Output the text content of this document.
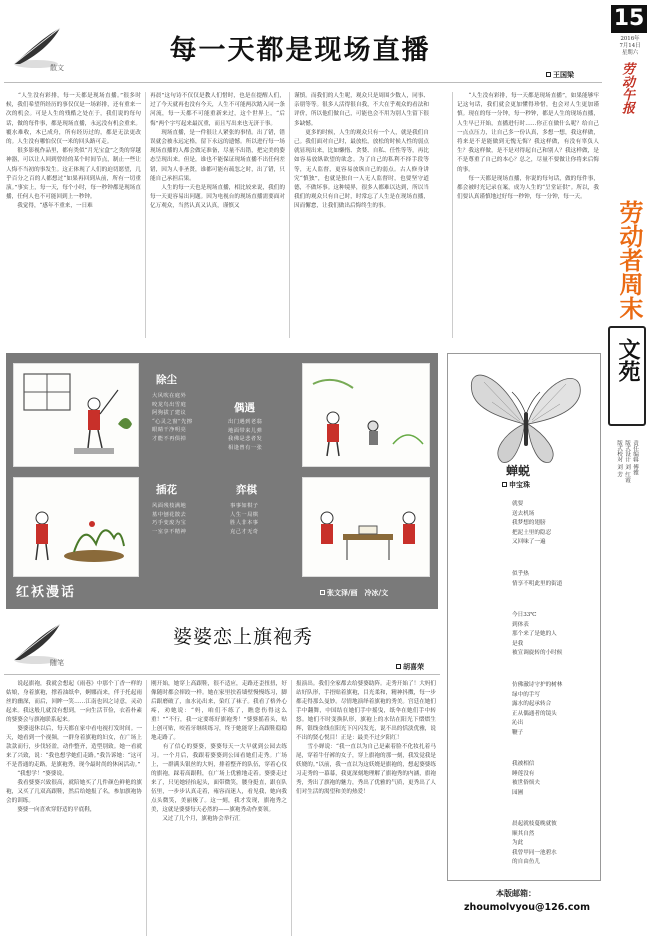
15
2016年
7月14日
星期六
劳动午报
劳动者周末
文苑
责任编辑 傅雅
版式设计 刘 红霞
版式校对 刘 芳
散文
每一天都是现场直播
王国梁
　　“人生没有彩排，每一天都是现场直播。”很多时候，我们希望所经历的事仅仅是一场彩排，还有重来一次的机会。可是人生的残酷之处在于，我们说的每句话，做的每件事，都是现场直播，永远没有机会重来。覆水难收，木已成舟，所有经历过的，都是无法更改的。人生没有哪怕仅仅一米的回头路可走。
　　很多影视作品里，都有类似“月光宝盒”之类的穿越神器，可以让人回到曾经的某个时间节点，制止一些让人悔不当初的事发生。这正体现了人们的迫切愿望，几乎百分之百的人都想过“如果再回到从前，所有一切重演。”事实上，每一天，每个小时，每一秒钟都是现场直播，任何人也不可能回到上一秒钟。
　　我觉得，“感年不重来，一日难
再晨”这句诗不仅仅是教人们惜时，也是在提醒人们，过了今天就再也没有今天，人生不可能两次踏入同一条河流，每一天都不可能重新来过，这个世界上，“后悔”两个字写起来最沉重，而且写出来也无济于事。
　　现场直播，是一件很让人紧张的事情。出了错，错误就会被永远定格，留下永远的遗憾。所以进行每一场现场直播的人都会做足准备，尽量不出错，把完美的姿态呈现出来。但是，谁也不能保证现场直播不出任何差错，因为人非圣贤，谁都可能有疏忽之时，出了错，只能自己承担后果。
　　人生的每一天也是现场直播，相比较来说，我们的每一天更容易出问题。因为电视台的现场直播需要面对亿万观众，当然认真又认真，谨慎又
谨慎。而我们的人生呢，观众只是周围少数人，同事、亲朋等等。很多人活得很自我，不大在乎观众的看法和评价，所以他们做自己，可能也会不用为别人生留下很多缺憾。
　　更多的时候，人生的观众只有一个人，就是我们自己。我们面对自己时，最放松，放松的时候人性的弱点就显现出来，比如懒惰、贪婪、自私、任性等等，再比如容易放纵欲望的欲念。为了自己的私利不择手段等等，无人监督，更容易放纵自己的弱点。古人修身讲究“慎独”，也就是独自一人无人监督时，也要坚守道德，不做坏事。这种境界，很多人都难以达到，所以当我们的观众只有自己时，时常忘了人生是在现场直播，因而懈怠，让我们做出后悔终生的事。
　　“人生没有彩排，每一天都是现场直播”，如果能够牢记这句话，我们就会更加懂得珍惜，也会对人生更加谨慎。现在的每一分钟，每一秒钟，都是人生的现场直播，人生早已开始，直播进行时……你正在做什么呢？给自己一点点压力，让自己多一份认真，多想一想，我这样做，将来是不是能做到无愧无悔？我这样做，有没有辜负人生？我这样做，是不是对得起自己和别人？我这样做，是不是尊重了自己的本心？总之，尽量不要做让你将来后悔的事。
　　每一天都是现场直播，你说的每句话，做的每件事，都会被时光记录在案，成为人生的“呈堂证供”。所以，我们要认真谨慎地过好每一秒钟，每一分钟，每一天。
除尘
大风吹在庭外
咬龙鸟出雪庭
阿狗拔了建议
“心灵之窗”先擦
眼睛干净明亮
才能不再俱掉
偶遇
出门遇到老翁
地面带来儿弹
我佛是悲者发
相逢曾有一张
插花
风面残枝满地
墓中刨花散去
巧手变废为宝
一室享不精神
弈棋
事事如棋子
人生一局棋
胜人非本事
克己才无奇
红袄漫话	张文泽/画　冷冰/文
随笔
婆婆恋上旗袍秀
胡喜荣
　　说起旗袍，我就会想起《雨巷》中那个丁香一样的姑娘，身着旗袍，撑着油纸伞，婀娜而来，伴于托起雨丝的幽深，而后，回眸一笑……江南也因之诗意，灵动起来。我这般几就没有想到，一向生活节俭，衣着朴素的婆婆会与旗袍联系起来。
　　婆婆退休以后，每天都在家中看电视打发时间。一天，她看到一个视频，一群身着旗袍的妇女，在广场上款款而行，步伐轻盈，动作整齐，造型别致。她一看就来了兴致，说：“我也想学她们走路。”我告诉她：“这可不是普通的走路，是旗袍秀，现今最时尚的休闲活动。”
　　“我想学！”婆婆说。
　　我看婆婆兴致很高，就陪她买了几件颜色鲜艳的旗袍，又买了几双高跟鞋，然后给她报了名，参加旗袍协会的训练。
　　婆婆一向喜欢穿舒适的平底鞋，
刚开始，她穿上高跟鞋，很不适应，走路还歪扭扭，好像随时都会摔跤一样。她在家里扶着墙壁慢慢练习，脚后跟磨破了，血水沁出来，染红了袜子。我看了格外心疼，劝她说：“妈，咱们不练了，瞧您伤得这么重！”“不行，我一定要练好旗袍秀！”婆婆摇着头，贴上创可贴，咬着牙继续练习，终于她能穿上高跟鞋稳稳地走路了。
　　有了信心的婆婆，婆婆每天一大早就到公园去练习。一个月后，我跟着婆婆到公园看她们走秀。广场上，一群满头银丝的大妈，排着整齐的队伍，穿着心仪的旗袍，踩着高跟鞋，在广场上优雅地走着。婆婆走过来了，只见她轻抬起头，面带微笑，腰身挺直，跟在队伍里，一步步认真走着，雍容而迷人，看见我，她向我点头微笑，美丽极了。这一刻，我才发现，旗袍秀之美，这就是婆婆每天必然的——旗袍秀动作要领。
　　又过了几个月，旗袍协会举行汇
报演出。我们全家都去给婆婆助阵。走秀开始了！大妈们站好队形，手捂贴着旗袍，目光柔和，精神抖擞，每一步都走得那么曼妙。尽情地演绎着旗袍的秀美。宫廷在她们手中翻舞，中国结在她们手中摇曳，纸伞在她们手中转悠。她们不时变换队形，旗袍上的水钻在阳光下熠熠生辉，银线金线在阳光下闪闪发光，说不出的恬淡优雅，说不出的贤心悦目！正是：最美不过夕阳红！
　　雪小婵说：“我一直以为自己是素着脸不化妆扎着马尾，穿着牛仔裤的女子，穿上旗袍的那一刻，我发觉我是妖娆的。”以前，我一直以为这妖娆是旗袍的，想起婆婆练习走秀的一幕幕，我更深刻地理解了旗袍秀的内涵，旗袍秀，秀出了旗袍的魅力，秀出了优雅的气质，更秀出了人们对生活的渴望和美的热爱！
蝉蜕
申宝珠
就要
送去机场
我梦想的翅膀
把泥土里的隐忍
又回味了一遍
似乎热
情享不明此里的街道
今日33℃
到体表
那个来了是她的人
是我
被宣调旋转的小时候
仿佛澈诗守护的树林
绿中的手写
露水的起承转合
正从偶通者的镜头
沁出
鞭子
我被相信
睡莲没有
被世俗烦夫
园圃
晨起就枝蔓晚就彼
顺其自然
为此
我曾甲同一池碧水
的自由鱼儿
本版邮箱：
zhoumolvyou@126.com
